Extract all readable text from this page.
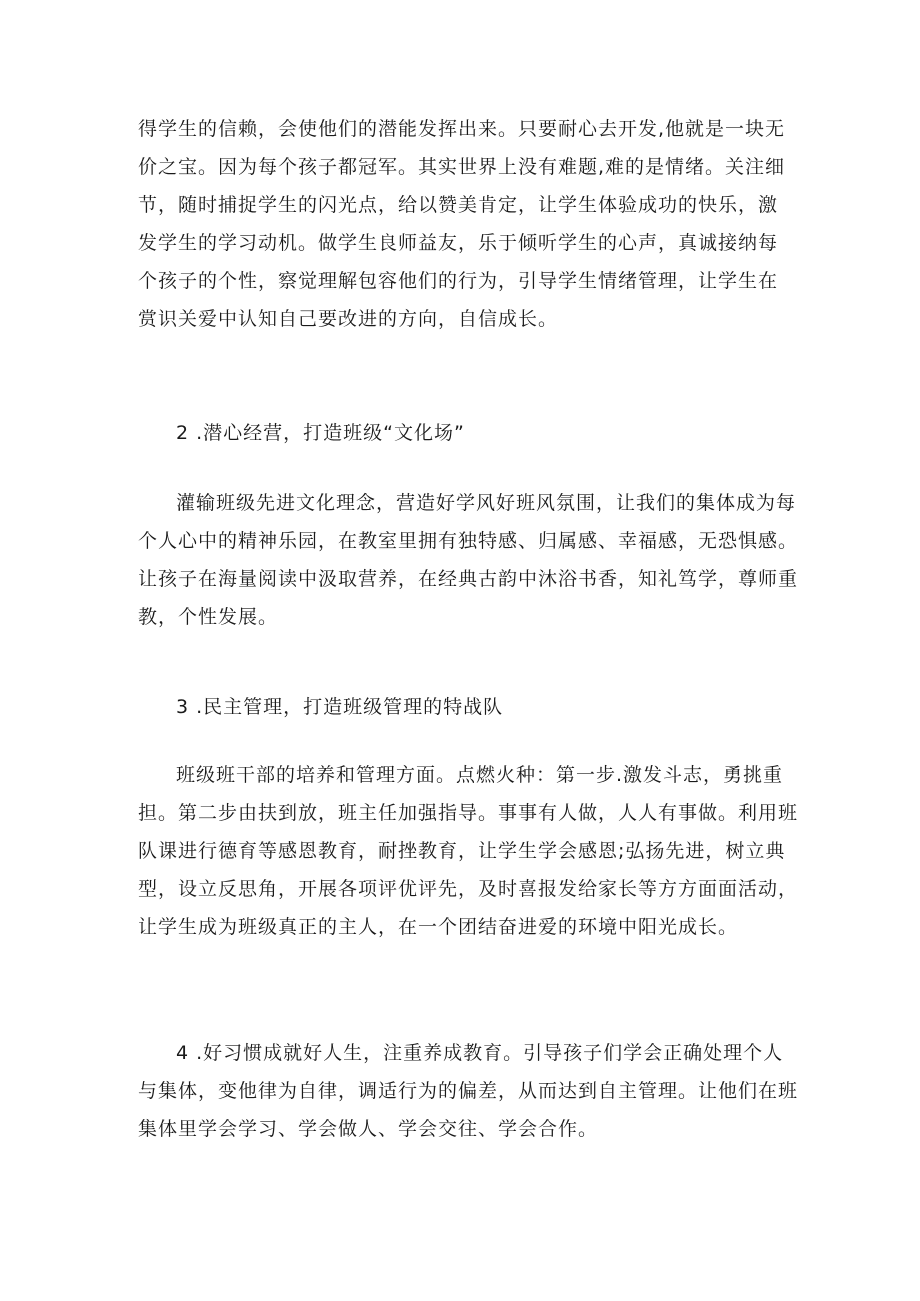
得学生的信赖，会使他们的潜能发挥出来。只要耐心去开发,他就是一块无
价之宝。因为每个孩子都冠军。其实世界上没有难题,难的是情绪。关注细
节，随时捕捉学生的闪光点，给以赞美肯定，让学生体验成功的快乐，激
发学生的学习动机。做学生良师益友，乐于倾听学生的心声，真诚接纳每
个孩子的个性，察觉理解包容他们的行为，引导学生情绪管理，让学生在
赏识关爱中认知自己要改进的方向，自信成长。
2 .潜心经营，打造班级“文化场”
灌输班级先进文化理念，营造好学风好班风氛围，让我们的集体成为每
个人心中的精神乐园，在教室里拥有独特感、归属感、幸福感，无恐惧感。
让孩子在海量阅读中汲取营养，在经典古韵中沐浴书香，知礼笃学，尊师重
教，个性发展。
3 .民主管理，打造班级管理的特战队
班级班干部的培养和管理方面。点燃火种：第一步.激发斗志，勇挑重
担。第二步由扶到放，班主任加强指导。事事有人做，人人有事做。利用班
队课进行德育等感恩教育，耐挫教育，让学生学会感恩;弘扬先进，树立典
型，设立反思角，开展各项评优评先，及时喜报发给家长等方方面面活动，
让学生成为班级真正的主人，在一个团结奋进爱的环境中阳光成长。
4 .好习惯成就好人生，注重养成教育。引导孩子们学会正确处理个人
与集体，变他律为自律，调适行为的偏差，从而达到自主管理。让他们在班
集体里学会学习、学会做人、学会交往、学会合作。
